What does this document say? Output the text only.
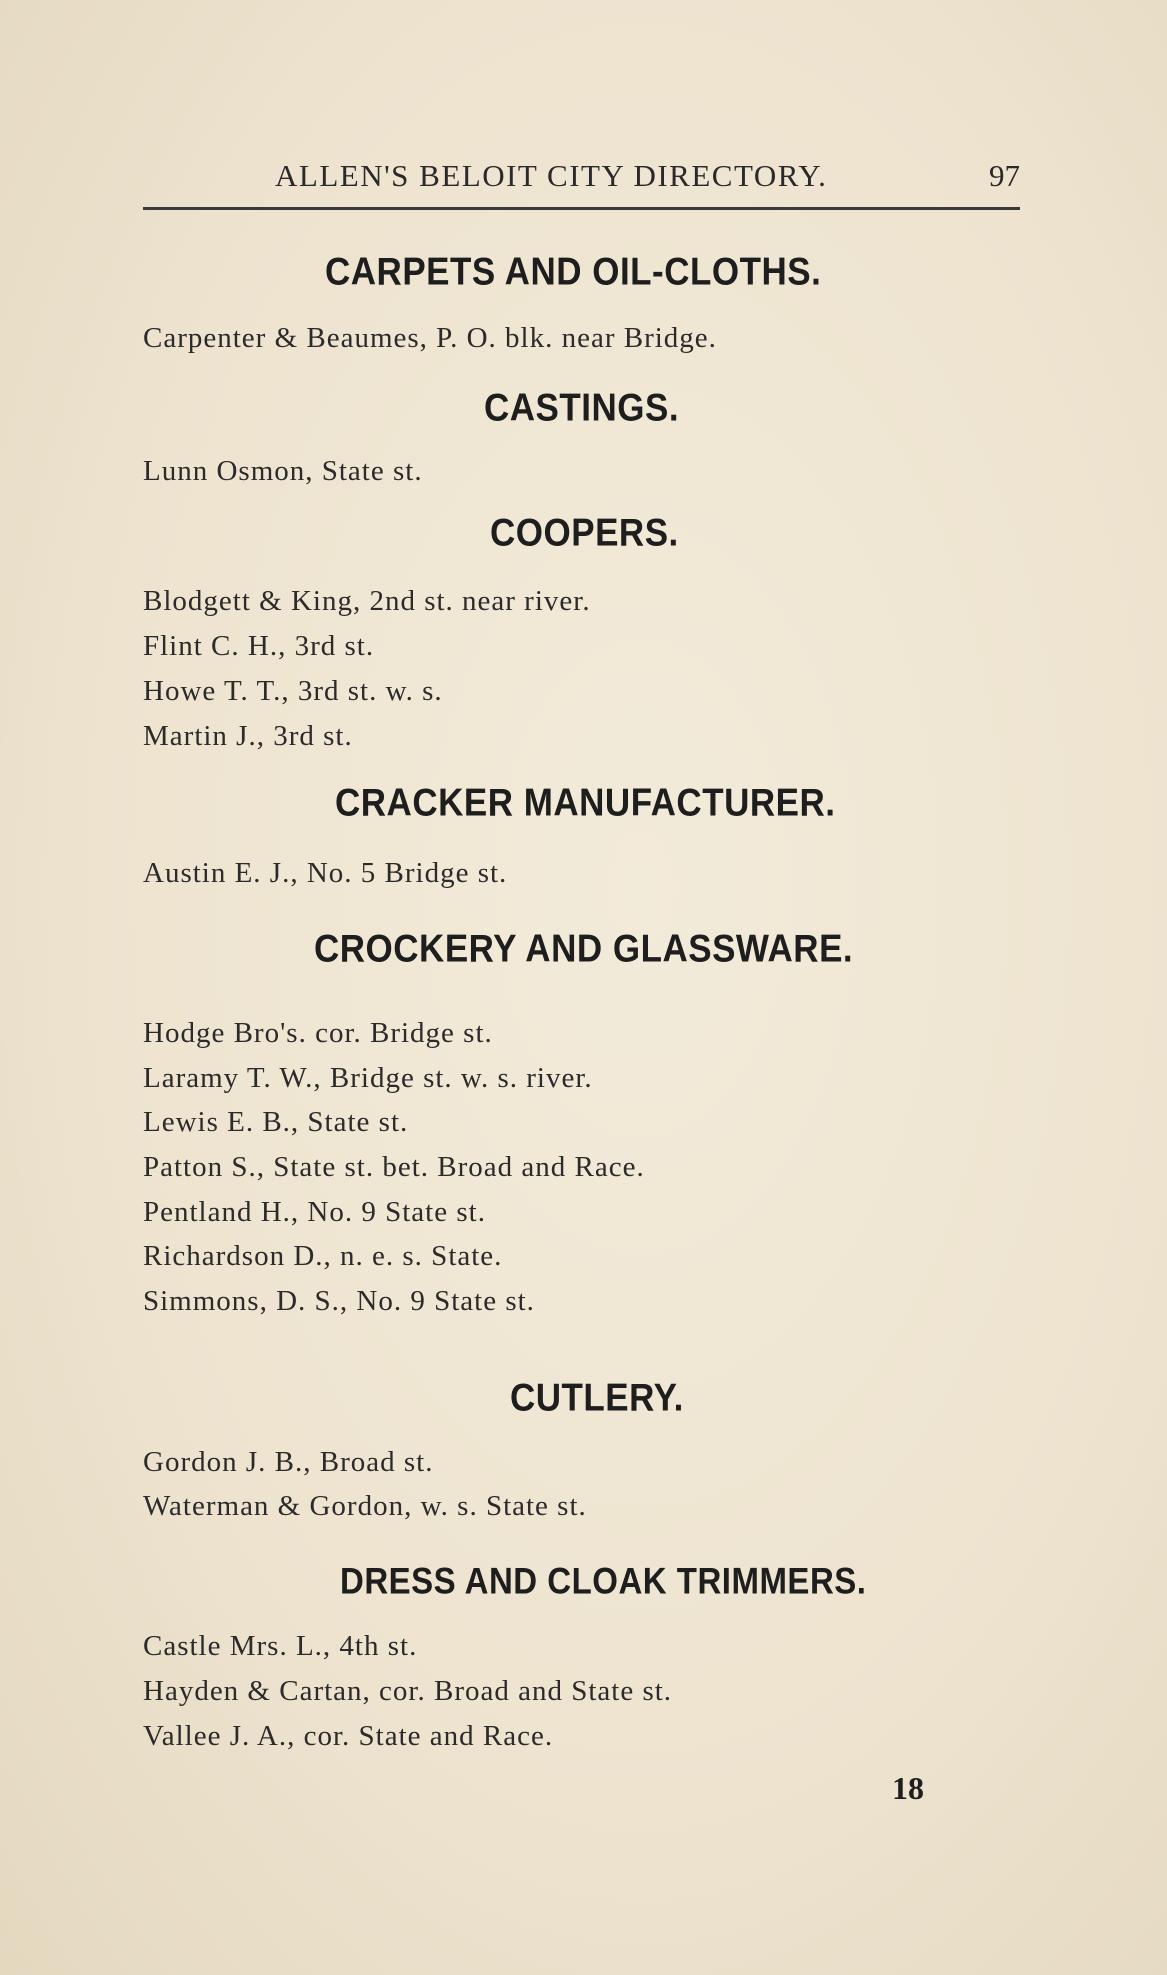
ALLEN'S BELOIT CITY DIRECTORY.	97
CARPETS AND OIL-CLOTHS.
Carpenter & Beaumes, P. O. blk. near Bridge.
CASTINGS.
Lunn Osmon, State st.
COOPERS.
Blodgett & King, 2nd st. near river.
Flint C. H., 3rd st.
Howe T. T., 3rd st. w. s.
Martin J., 3rd st.
CRACKER MANUFACTURER.
Austin E. J., No. 5 Bridge st.
CROCKERY AND GLASSWARE.
Hodge Bro's. cor. Bridge st.
Laramy T. W., Bridge st. w. s. river.
Lewis E. B., State st.
Patton S., State st. bet. Broad and Race.
Pentland H., No. 9 State st.
Richardson D., n. e. s. State.
Simmons, D. S., No. 9 State st.
CUTLERY.
Gordon J. B., Broad st.
Waterman & Gordon, w. s. State st.
DRESS AND CLOAK TRIMMERS.
Castle Mrs. L., 4th st.
Hayden & Cartan, cor. Broad and State st.
Vallee J. A., cor. State and Race.
18
